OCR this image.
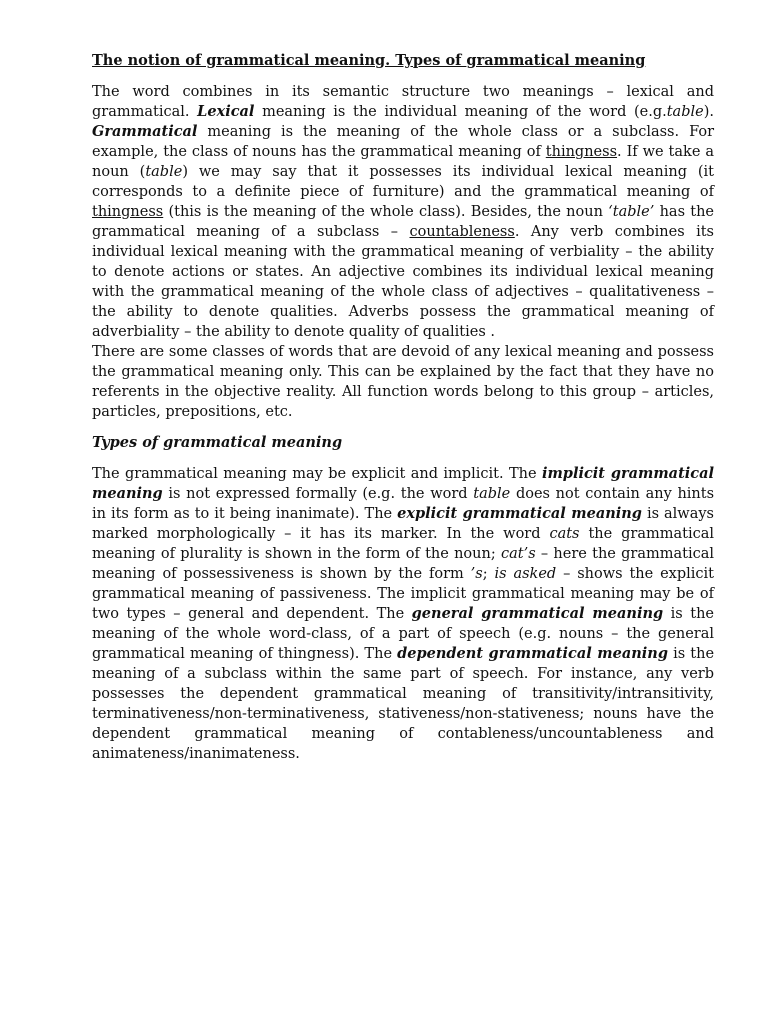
The notion of grammatical meaning. Types of grammatical meaning

The word combines in its semantic structure two meanings – lexical and grammatical. Lexical meaning is the individual meaning of the word (e.g.table). Grammatical meaning is the meaning of the whole class or a subclass. For example, the class of nouns has the grammatical meaning of thingness. If we take a noun (table) we may say that it possesses its individual lexical meaning (it corresponds to a definite piece of furniture) and the grammatical meaning of thingness (this is the meaning of the whole class). Besides, the noun ‘table’ has the grammatical meaning of a subclass – countableness. Any verb combines its individual lexical meaning with the grammatical meaning of verbiality – the ability to denote actions or states. An adjective combines its individual lexical meaning with the grammatical meaning of the whole class of adjectives – qualitativeness – the ability to denote qualities. Adverbs possess the grammatical meaning of adverbiality – the ability to denote quality of qualities .

There are some classes of words that are devoid of any lexical meaning and possess the grammatical meaning only. This can be explained by the fact that they have no referents in the objective reality. All function words belong to this group – articles, particles, prepositions, etc.

Types of grammatical meaning

The grammatical meaning may be explicit and implicit. The implicit grammatical meaning is not expressed formally (e.g. the word table does not contain any hints in its form as to it being inanimate). The explicit grammatical meaning is always marked morphologically – it has its marker. In the word cats the grammatical meaning of plurality is shown in the form of the noun; cat’s – here the grammatical meaning of possessiveness is shown by the form ’s; is asked – shows the explicit grammatical meaning of passiveness. The implicit grammatical meaning may be of two types – general and dependent. The general grammatical meaning is the meaning of the whole word-class, of a part of speech (e.g. nouns – the general grammatical meaning of thingness). The dependent grammatical meaning is the meaning of a subclass within the same part of speech. For instance, any verb possesses the dependent grammatical meaning of transitivity/intransitivity, terminativeness/non-terminativeness, stativeness/non-stativeness; nouns have the dependent grammatical meaning of contableness/uncountableness and animateness/inanimateness.
